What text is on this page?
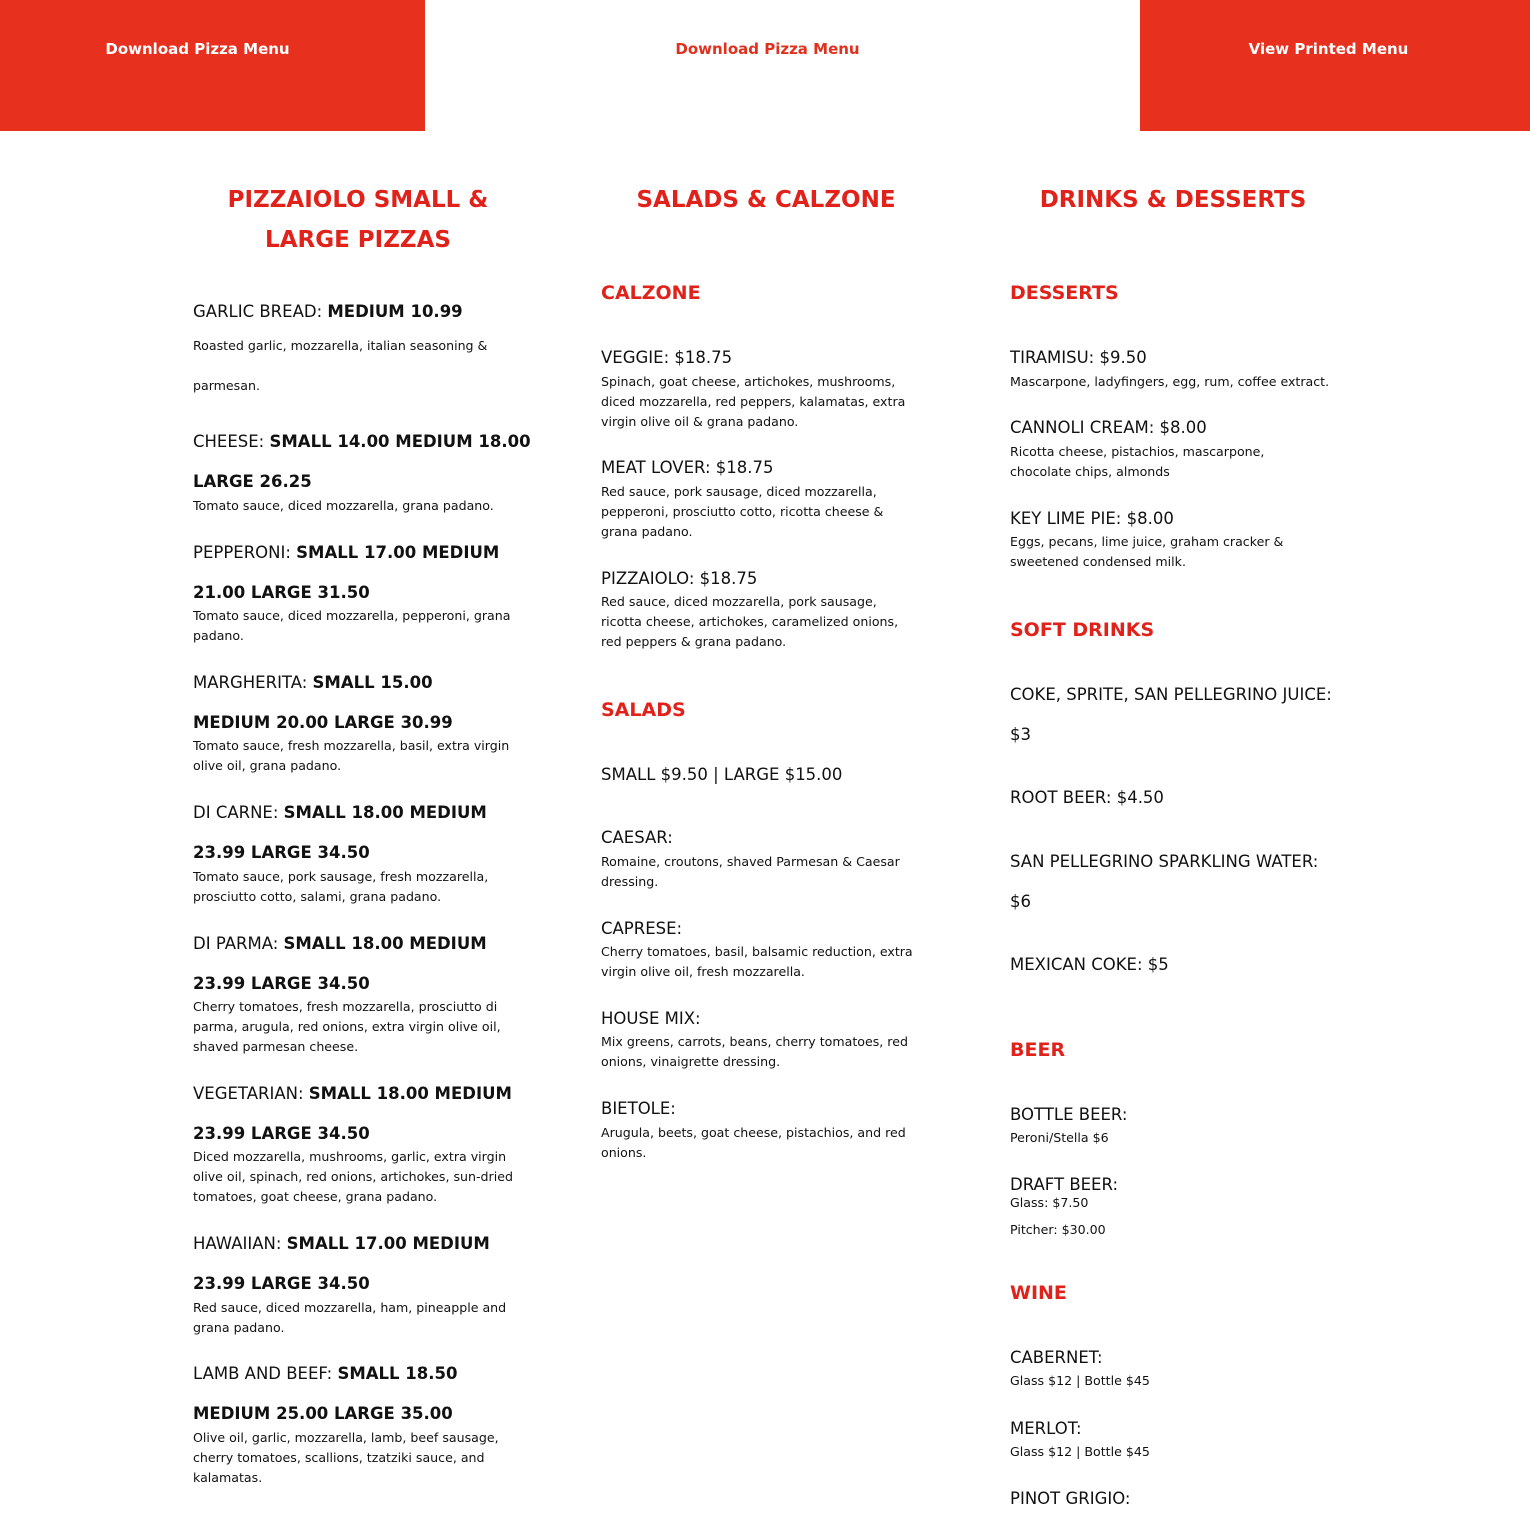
Download Pizza Menu	Download Pizza Menu	View Printed Menu
PIZZAIOLO SMALL & LARGE PIZZAS

GARLIC BREAD: MEDIUM 10.99

Roasted garlic, mozzarella, italian seasoning & parmesan.

CHEESE: SMALL 14.00 MEDIUM 18.00 LARGE 26.25

Tomato sauce, diced mozzarella, grana padano.

PEPPERONI: SMALL 17.00 MEDIUM 21.00 LARGE 31.50

Tomato sauce, diced mozzarella, pepperoni, grana padano.

MARGHERITA: SMALL 15.00 MEDIUM 20.00 LARGE 30.99

Tomato sauce, fresh mozzarella, basil, extra virgin olive oil, grana padano.

DI CARNE: SMALL 18.00 MEDIUM 23.99 LARGE 34.50

Tomato sauce, pork sausage, fresh mozzarella, prosciutto cotto, salami, grana padano.

DI PARMA: SMALL 18.00 MEDIUM 23.99 LARGE 34.50

Cherry tomatoes, fresh mozzarella, prosciutto di parma, arugula, red onions, extra virgin olive oil, shaved parmesan cheese.

VEGETARIAN: SMALL 18.00 MEDIUM 23.99 LARGE 34.50

Diced mozzarella, mushrooms, garlic, extra virgin olive oil, spinach, red onions, artichokes, sun-dried tomatoes, goat cheese, grana padano.

HAWAIIAN: SMALL 17.00 MEDIUM 23.99 LARGE 34.50

Red sauce, diced mozzarella, ham, pineapple and grana padano.

LAMB AND BEEF: SMALL 18.50 MEDIUM 25.00 LARGE 35.00

Olive oil, garlic, mozzarella, lamb, beef sausage, cherry tomatoes, scallions, tzatziki sauce, and kalamatas.

SALADS & CALZONE
CALZONE

VEGGIE: $18.75

Spinach, goat cheese, artichokes, mushrooms, diced mozzarella, red peppers, kalamatas, extra virgin olive oil & grana padano.

MEAT LOVER: $18.75

Red sauce, pork sausage, diced mozzarella, pepperoni, prosciutto cotto, ricotta cheese & grana padano.

PIZZAIOLO: $18.75

Red sauce, diced mozzarella, pork sausage, ricotta cheese, artichokes, caramelized onions, red peppers & grana padano.

SALADS

SMALL $9.50 | LARGE $15.00

CAESAR:

Romaine, croutons, shaved Parmesan & Caesar dressing.

CAPRESE:

Cherry tomatoes, basil, balsamic reduction, extra virgin olive oil, fresh mozzarella.

HOUSE MIX:

Mix greens, carrots, beans, cherry tomatoes, red onions, vinaigrette dressing.

BIETOLE:

Arugula, beets, goat cheese, pistachios, and red onions.

DRINKS & DESSERTS
DESSERTS

TIRAMISU: $9.50

Mascarpone, ladyfingers, egg, rum, coffee extract.

CANNOLI CREAM: $8.00

Ricotta cheese, pistachios, mascarpone, chocolate chips, almonds

KEY LIME PIE: $8.00

Eggs, pecans, lime juice, graham cracker & sweetened condensed milk.

SOFT DRINKS

COKE, SPRITE, SAN PELLEGRINO JUICE: $3

ROOT BEER: $4.50

SAN PELLEGRINO SPARKLING WATER: $6

MEXICAN COKE: $5

BEER

BOTTLE BEER:

Peroni/Stella $6

DRAFT BEER:

Glass: $7.50

Pitcher: $30.00

WINE

CABERNET:

Glass $12 | Bottle $45

MERLOT:

Glass $12 | Bottle $45

PINOT GRIGIO:
